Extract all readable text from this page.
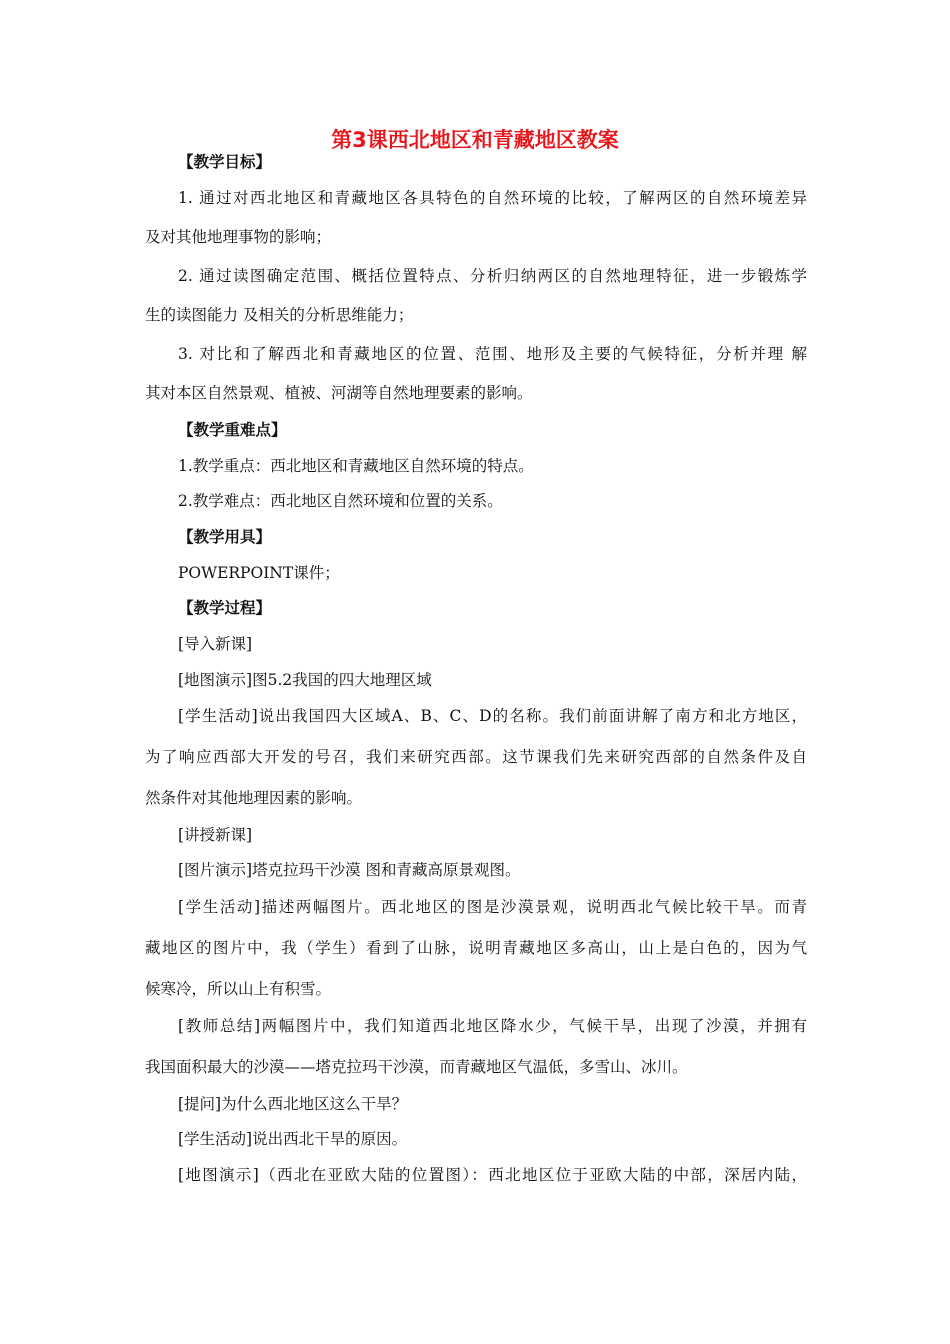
第3课西北地区和青藏地区教案
【教学目标】
1. 通过对西北地区和青藏地区各具特色的自然环境的比较，了解两区的自然环境差异
及对其他地理事物的影响；
2. 通过读图确定范围、概括位置特点、分析归纳两区的自然地理特征，进一步锻炼学
生的读图能力 及相关的分析思维能力；
3. 对比和了解西北和青藏地区的位置、范围、地形及主要的气候特征，分析并理 解
其对本区自然景观、植被、河湖等自然地理要素的影响。
【教学重难点】
1.教学重点：西北地区和青藏地区自然环境的特点。
2.教学难点：西北地区自然环境和位置的关系。
【教学用具】
POWERPOINT课件；
【教学过程】
[导入新课]
[地图演示]图5.2我国的四大地理区域
[学生活动]说出我国四大区域A、B、C、D的名称。我们前面讲解了南方和北方地区，
为了响应西部大开发的号召，我们来研究西部。这节课我们先来研究西部的自然条件及自
然条件对其他地理因素的影响。
[讲授新课]
[图片演示]塔克拉玛干沙漠 图和青藏高原景观图。
[学生活动]描述两幅图片。西北地区的图是沙漠景观，说明西北气候比较干旱。而青
藏地区的图片中，我（学生）看到了山脉，说明青藏地区多高山，山上是白色的，因为气
候寒冷，所以山上有积雪。
[教师总结]两幅图片中，我们知道西北地区降水少，气候干旱，出现了沙漠，并拥有
我国面积最大的沙漠——塔克拉玛干沙漠，而青藏地区气温低，多雪山、冰川。
[提问]为什么西北地区这么干旱？
[学生活动]说出西北干旱的原因。
[地图演示]（西北在亚欧大陆的位置图）：西北地区位于亚欧大陆的中部，深居内陆，
